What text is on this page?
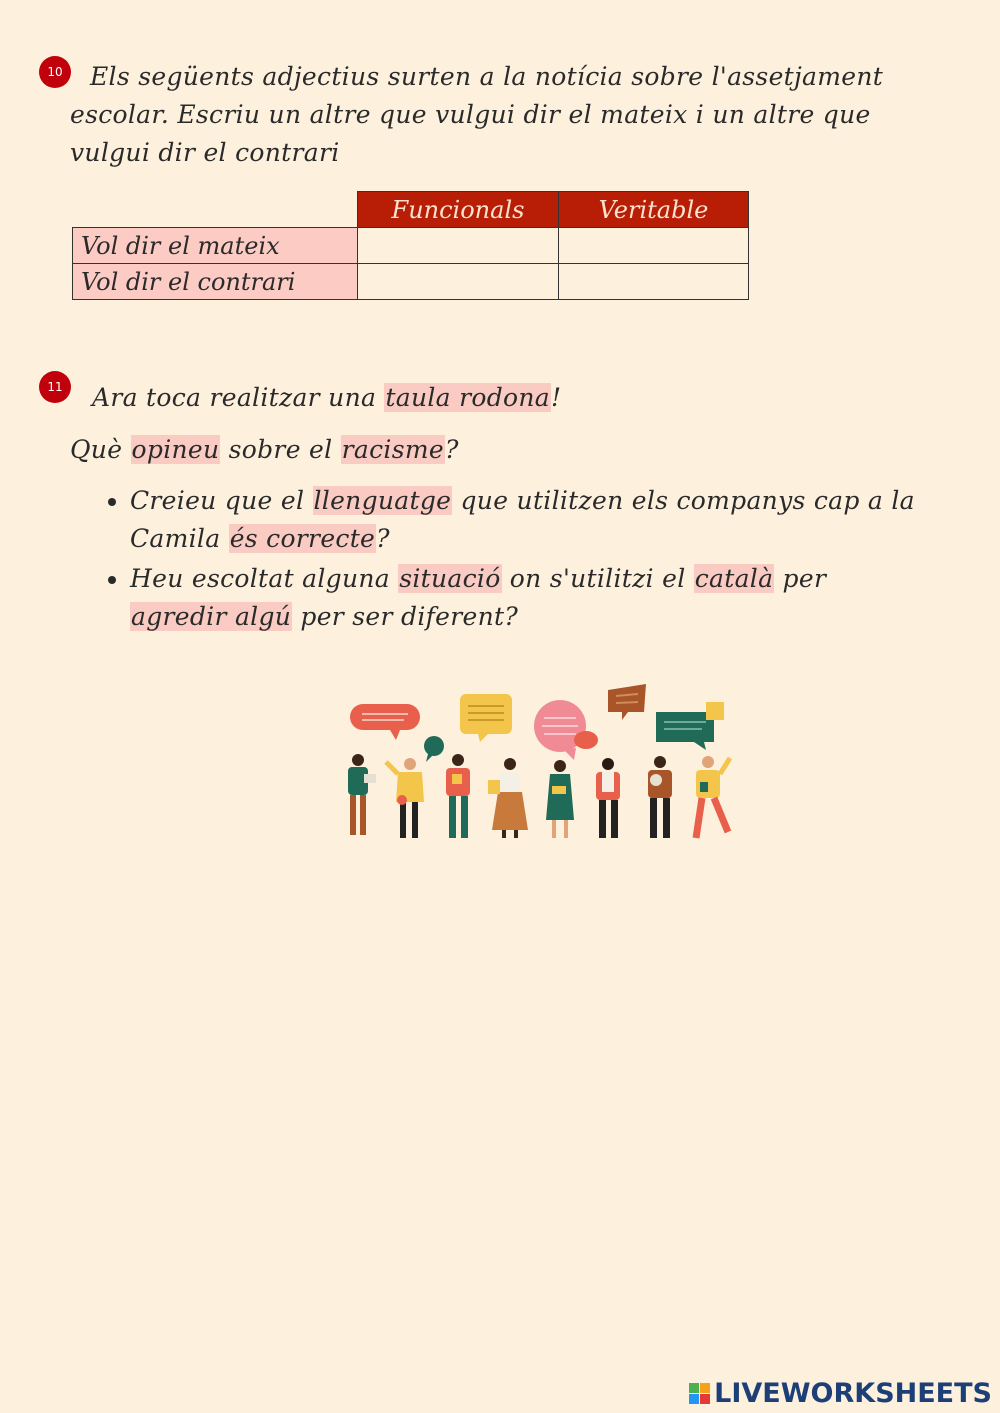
10	Els següents adjectius surten a la notícia sobre l'assetjament
escolar. Escriu un altre que vulgui dir el mateix i un altre que
vulgui dir el contrari
	Funcionals	Veritable
Vol dir el mateix		
Vol dir el contrari		
11 Ara toca realitzar una taula rodona!
Què opineu sobre el racisme?
• Creieu que el llenguatge que utilitzen els companys cap a la Camila és correcte?
• Heu escoltat alguna situació on s'utilitzi el català per agredir algú per ser diferent?
LIVEWORKSHEETS
